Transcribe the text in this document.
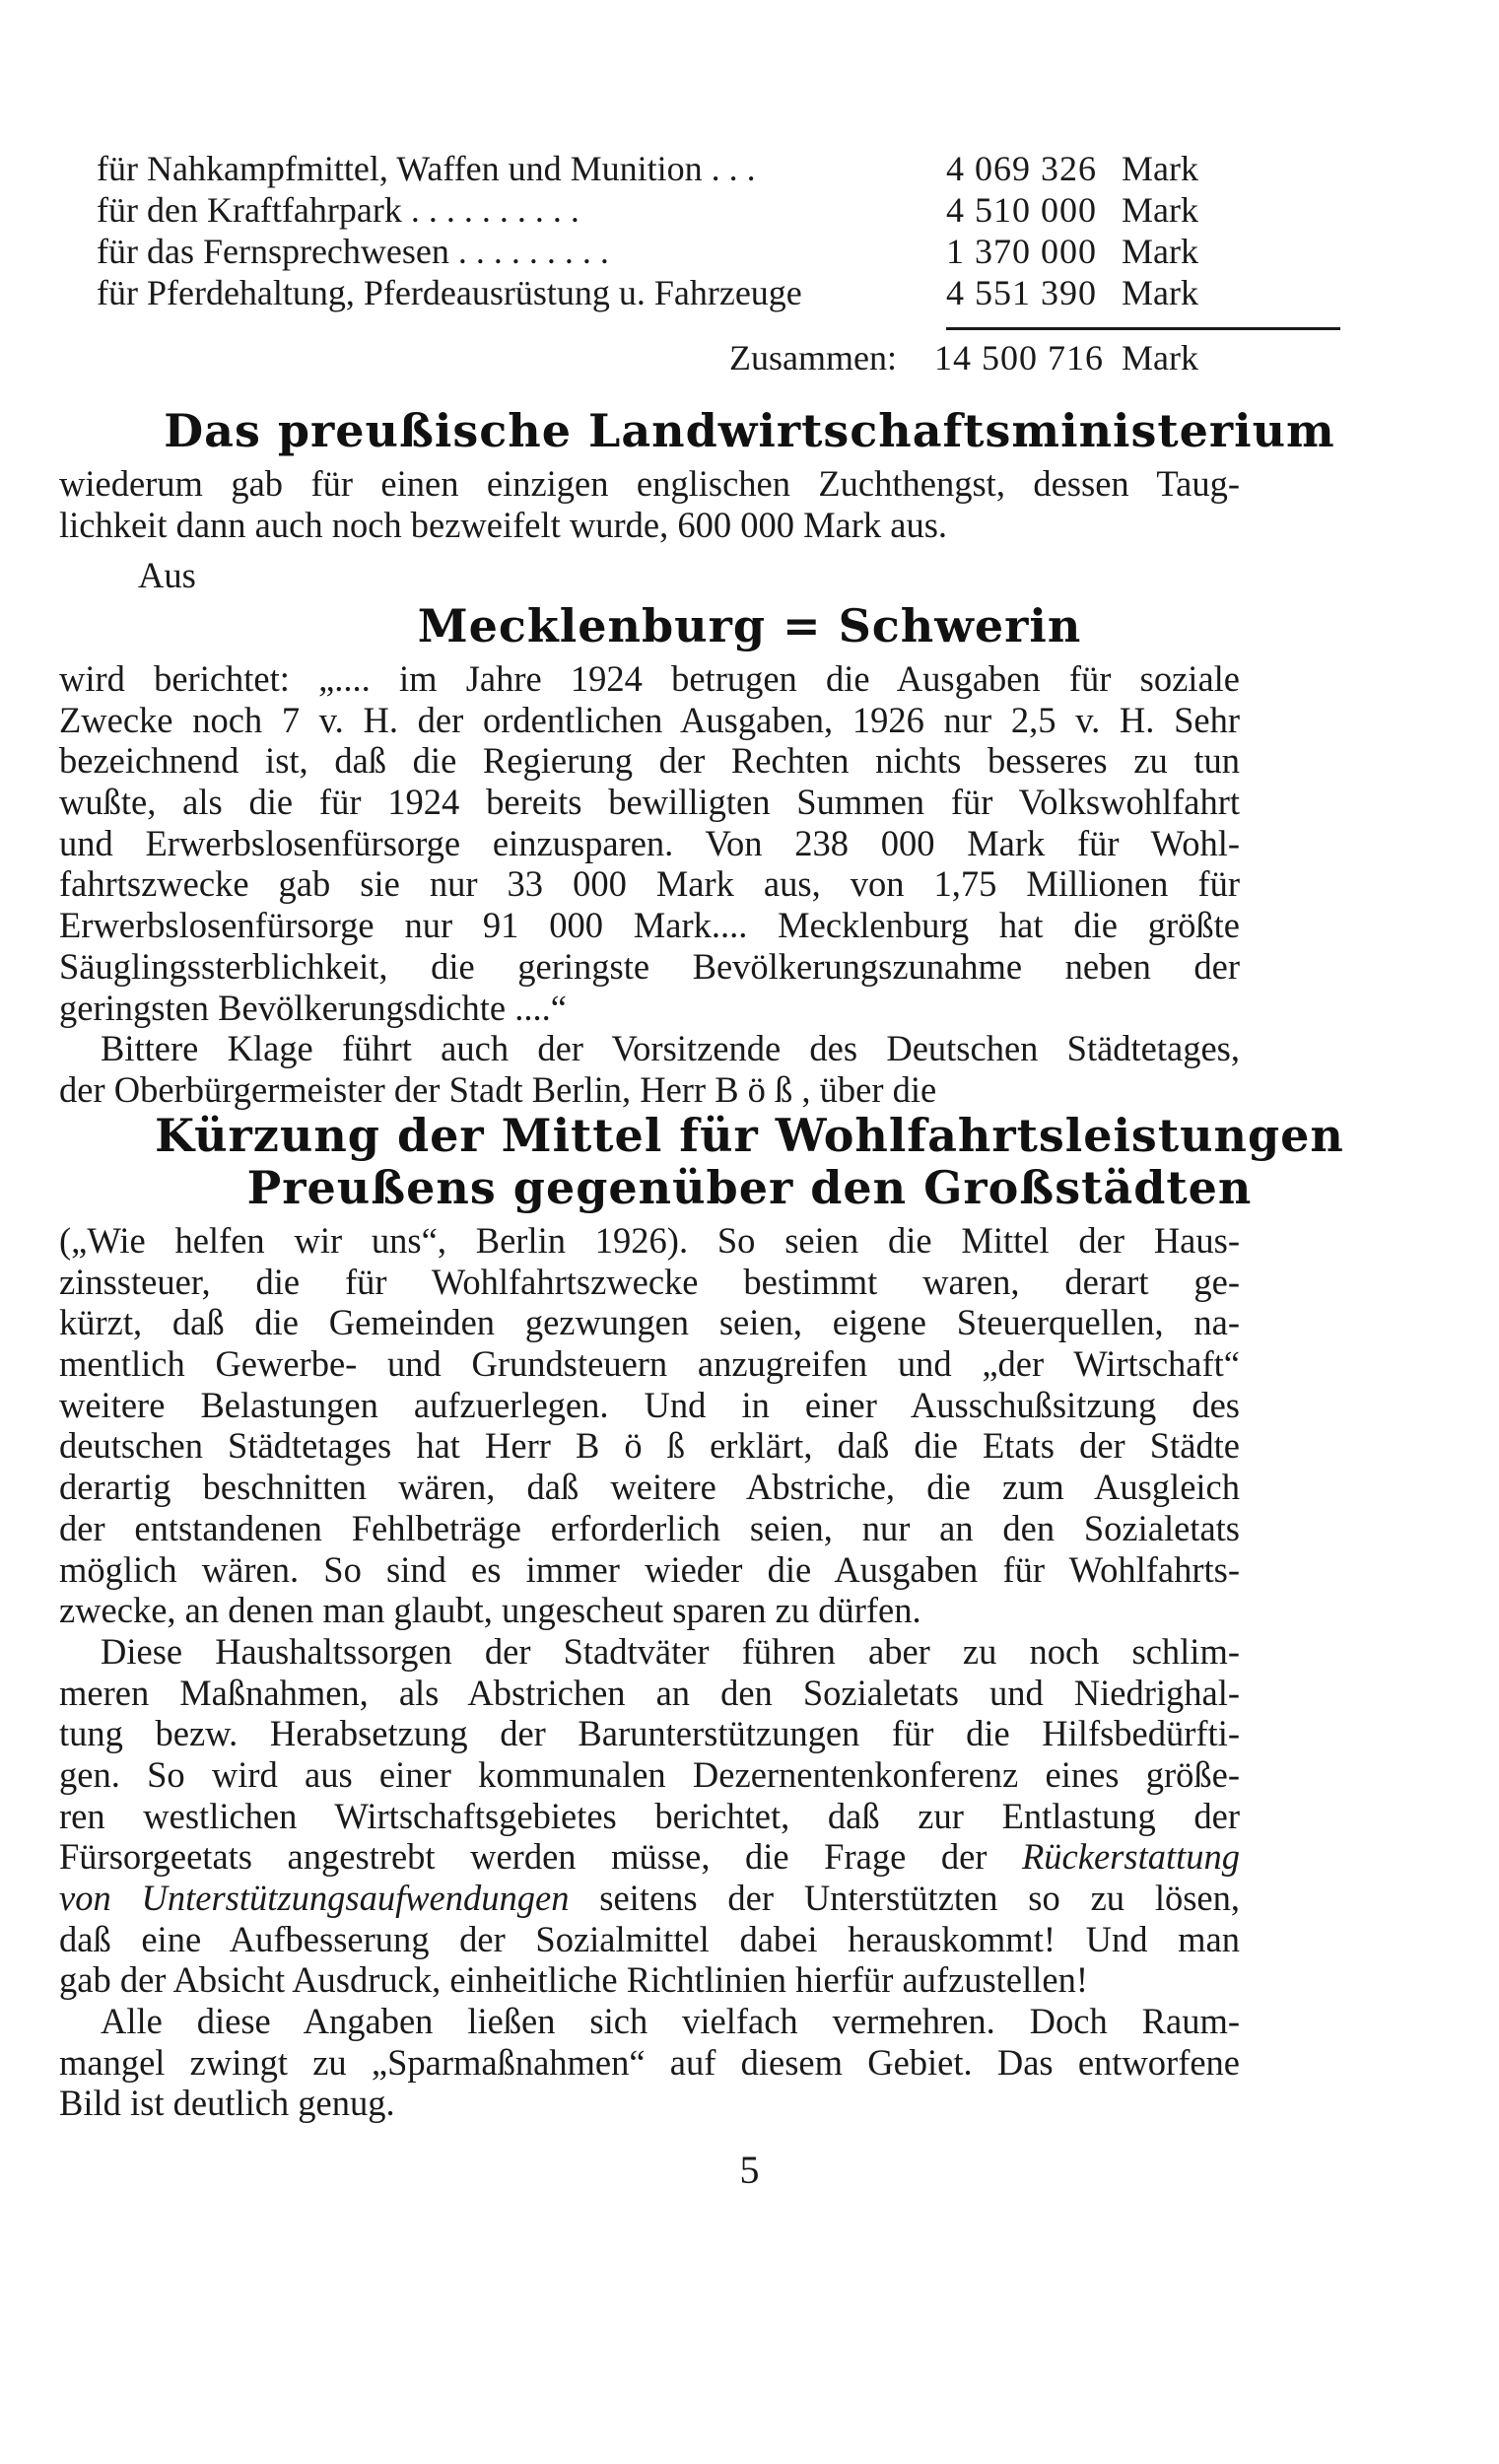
für Nahkampfmittel, Waffen und Munition . . .	4 069 326 Mark
für den Kraftfahrpark . . . . . . . . . .	4 510 000 Mark
für das Fernsprechwesen . . . . . . . . .	1 370 000 Mark
für Pferdehaltung, Pferdeausrüstung u. Fahrzeuge	4 551 390 Mark
Zusammen: 14 500 716 Mark
Das preußische Landwirtschaftsministerium
wiederum gab für einen einzigen englischen Zuchthengst, dessen Taug-
lichkeit dann auch noch bezweifelt wurde, 600 000 Mark aus.
Aus
Mecklenburg = Schwerin
wird berichtet: „.... im Jahre 1924 betrugen die Ausgaben für soziale
Zwecke noch 7 v. H. der ordentlichen Ausgaben, 1926 nur 2,5 v. H. Sehr
bezeichnend ist, daß die Regierung der Rechten nichts besseres zu tun
wußte, als die für 1924 bereits bewilligten Summen für Volkswohlfahrt
und Erwerbslosenfürsorge einzusparen. Von 238 000 Mark für Wohl-
fahrtszwecke gab sie nur 33 000 Mark aus, von 1,75 Millionen für
Erwerbslosenfürsorge nur 91 000 Mark.... Mecklenburg hat die größte
Säuglingssterblichkeit, die geringste Bevölkerungszunahme neben der
geringsten Bevölkerungsdichte ....“
Bittere Klage führt auch der Vorsitzende des Deutschen Städtetages,
der Oberbürgermeister der Stadt Berlin, Herr B ö ß , über die
Kürzung der Mittel für Wohlfahrtsleistungen
Preußens gegenüber den Großstädten
(„Wie helfen wir uns“, Berlin 1926). So seien die Mittel der Haus-
zinssteuer, die für Wohlfahrtszwecke bestimmt waren, derart ge-
kürzt, daß die Gemeinden gezwungen seien, eigene Steuerquellen, na-
mentlich Gewerbe- und Grundsteuern anzugreifen und „der Wirtschaft“
weitere Belastungen aufzuerlegen. Und in einer Ausschußsitzung des
deutschen Städtetages hat Herr B ö ß erklärt, daß die Etats der Städte
derartig beschnitten wären, daß weitere Abstriche, die zum Ausgleich
der entstandenen Fehlbeträge erforderlich seien, nur an den Sozialetats
möglich wären. So sind es immer wieder die Ausgaben für Wohlfahrts-
zwecke, an denen man glaubt, ungescheut sparen zu dürfen.
Diese Haushaltssorgen der Stadtväter führen aber zu noch schlim-
meren Maßnahmen, als Abstrichen an den Sozialetats und Niedrighal-
tung bezw. Herabsetzung der Barunterstützungen für die Hilfsbedürfti-
gen. So wird aus einer kommunalen Dezernentenkonferenz eines größe-
ren westlichen Wirtschaftsgebietes berichtet, daß zur Entlastung der
Fürsorgeetats angestrebt werden müsse, die Frage der Rückerstattung
von Unterstützungsaufwendungen seitens der Unterstützten so zu lösen,
daß eine Aufbesserung der Sozialmittel dabei herauskommt! Und man
gab der Absicht Ausdruck, einheitliche Richtlinien hierfür aufzustellen!
Alle diese Angaben ließen sich vielfach vermehren. Doch Raum-
mangel zwingt zu „Sparmaßnahmen“ auf diesem Gebiet. Das entworfene
Bild ist deutlich genug.
5
